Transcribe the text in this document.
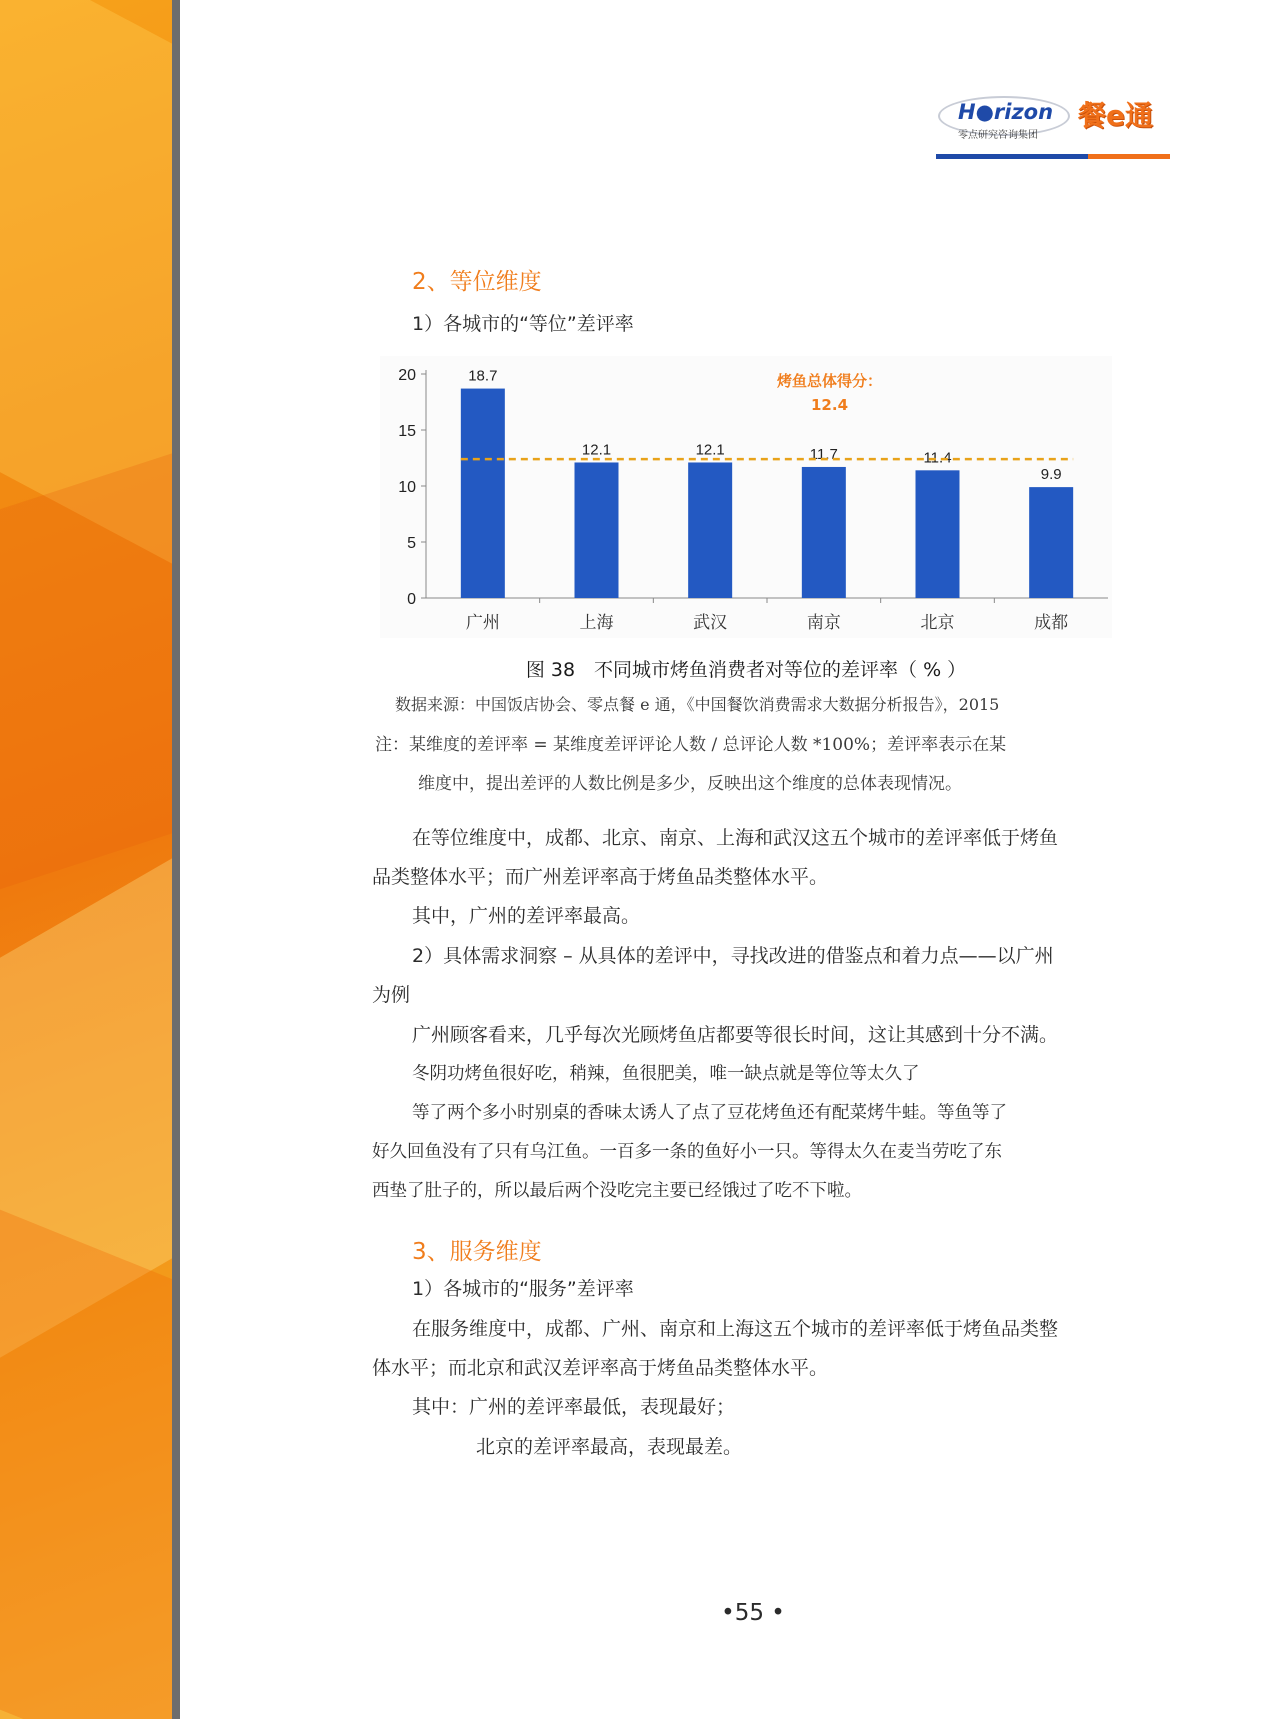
H●rizon
零点研究咨询集团
餐e通
2、等位维度
1）各城市的“等位”差评率
0
5
10
15
20	18.7
广州
12.1
上海
12.1
武汉
11.7
南京
11.4
北京
9.9
成都
烤鱼总体得分：
12.4
图 38　不同城市烤鱼消费者对等位的差评率（ % ）
数据来源：中国饭店协会、零点餐 e 通，《中国餐饮消费需求大数据分析报告》，2015
注：某维度的差评率 = 某维度差评评论人数 / 总评论人数 *100%；差评率表示在某
维度中，提出差评的人数比例是多少，反映出这个维度的总体表现情况。
在等位维度中，成都、北京、南京、上海和武汉这五个城市的差评率低于烤鱼
品类整体水平；而广州差评率高于烤鱼品类整体水平。
其中，广州的差评率最高。
2）具体需求洞察 – 从具体的差评中，寻找改进的借鉴点和着力点——以广州
为例
广州顾客看来，几乎每次光顾烤鱼店都要等很长时间，这让其感到十分不满。
冬阴功烤鱼很好吃，稍辣，鱼很肥美，唯一缺点就是等位等太久了
等了两个多小时别桌的香味太诱人了点了豆花烤鱼还有配菜烤牛蛙。等鱼等了
好久回鱼没有了只有乌江鱼。一百多一条的鱼好小一只。等得太久在麦当劳吃了东
西垫了肚子的，所以最后两个没吃完主要已经饿过了吃不下啦。
3、服务维度
1）各城市的“服务”差评率
在服务维度中，成都、广州、南京和上海这五个城市的差评率低于烤鱼品类整
体水平；而北京和武汉差评率高于烤鱼品类整体水平。
其中：广州的差评率最低，表现最好；
北京的差评率最高，表现最差。
•55 •
